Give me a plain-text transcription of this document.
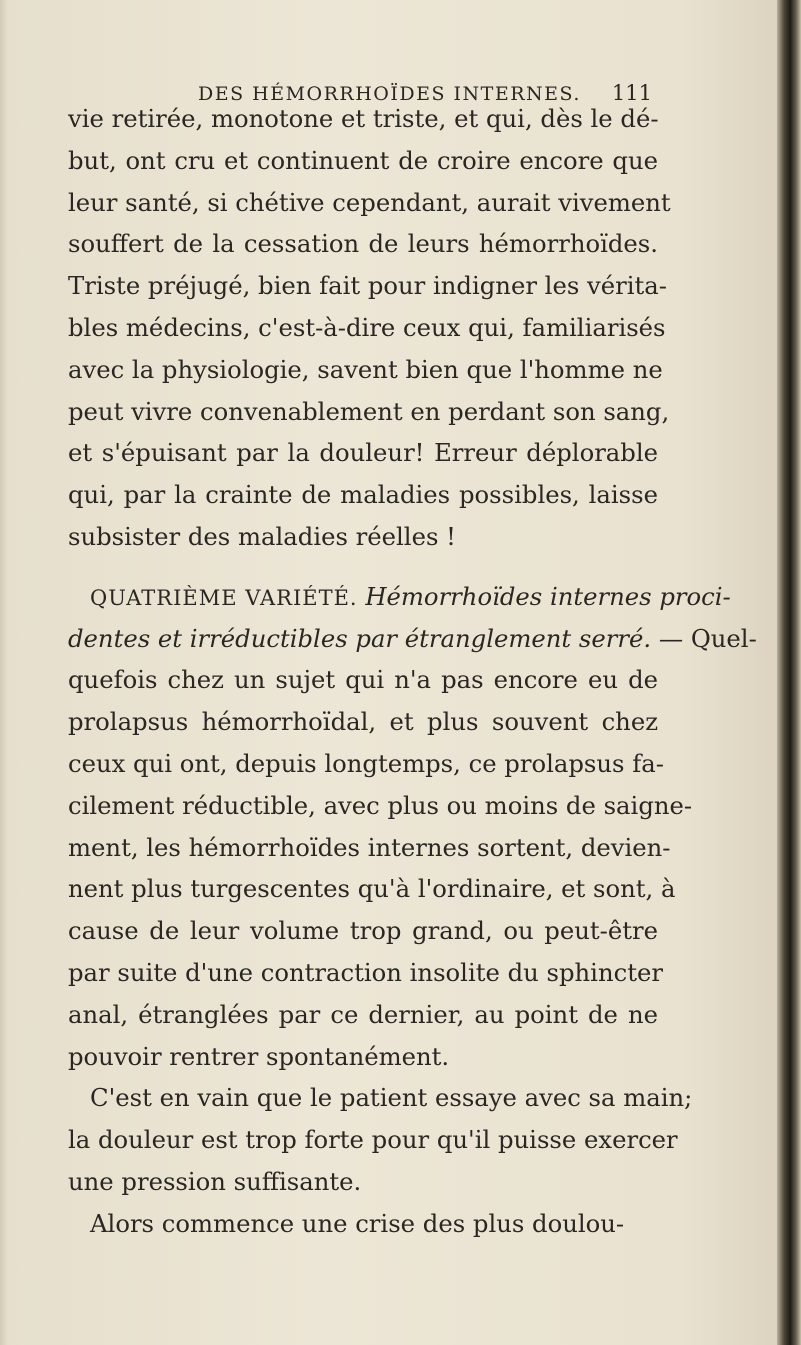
DES HÉMORRHOÏDES INTERNES. 111
vie retirée, monotone et triste, et qui, dès le dé-
but, ont cru et continuent de croire encore que
leur santé, si chétive cependant, aurait vivement
souffert de la cessation de leurs hémorrhoïdes.
Triste préjugé, bien fait pour indigner les vérita-
bles médecins, c'est-à-dire ceux qui, familiarisés
avec la physiologie, savent bien que l'homme ne
peut vivre convenablement en perdant son sang,
et s'épuisant par la douleur! Erreur déplorable
qui, par la crainte de maladies possibles, laisse
subsister des maladies réelles !
QUATRIÈME VARIÉTÉ. Hémorrhoïdes internes proci-
dentes et irréductibles par étranglement serré. — Quel-
quefois chez un sujet qui n'a pas encore eu de
prolapsus hémorrhoïdal, et plus souvent chez
ceux qui ont, depuis longtemps, ce prolapsus fa-
cilement réductible, avec plus ou moins de saigne-
ment, les hémorrhoïdes internes sortent, devien-
nent plus turgescentes qu'à l'ordinaire, et sont, à
cause de leur volume trop grand, ou peut-être
par suite d'une contraction insolite du sphincter
anal, étranglées par ce dernier, au point de ne
pouvoir rentrer spontanément.
C'est en vain que le patient essaye avec sa main;
la douleur est trop forte pour qu'il puisse exercer
une pression suffisante.
Alors commence une crise des plus doulou-
